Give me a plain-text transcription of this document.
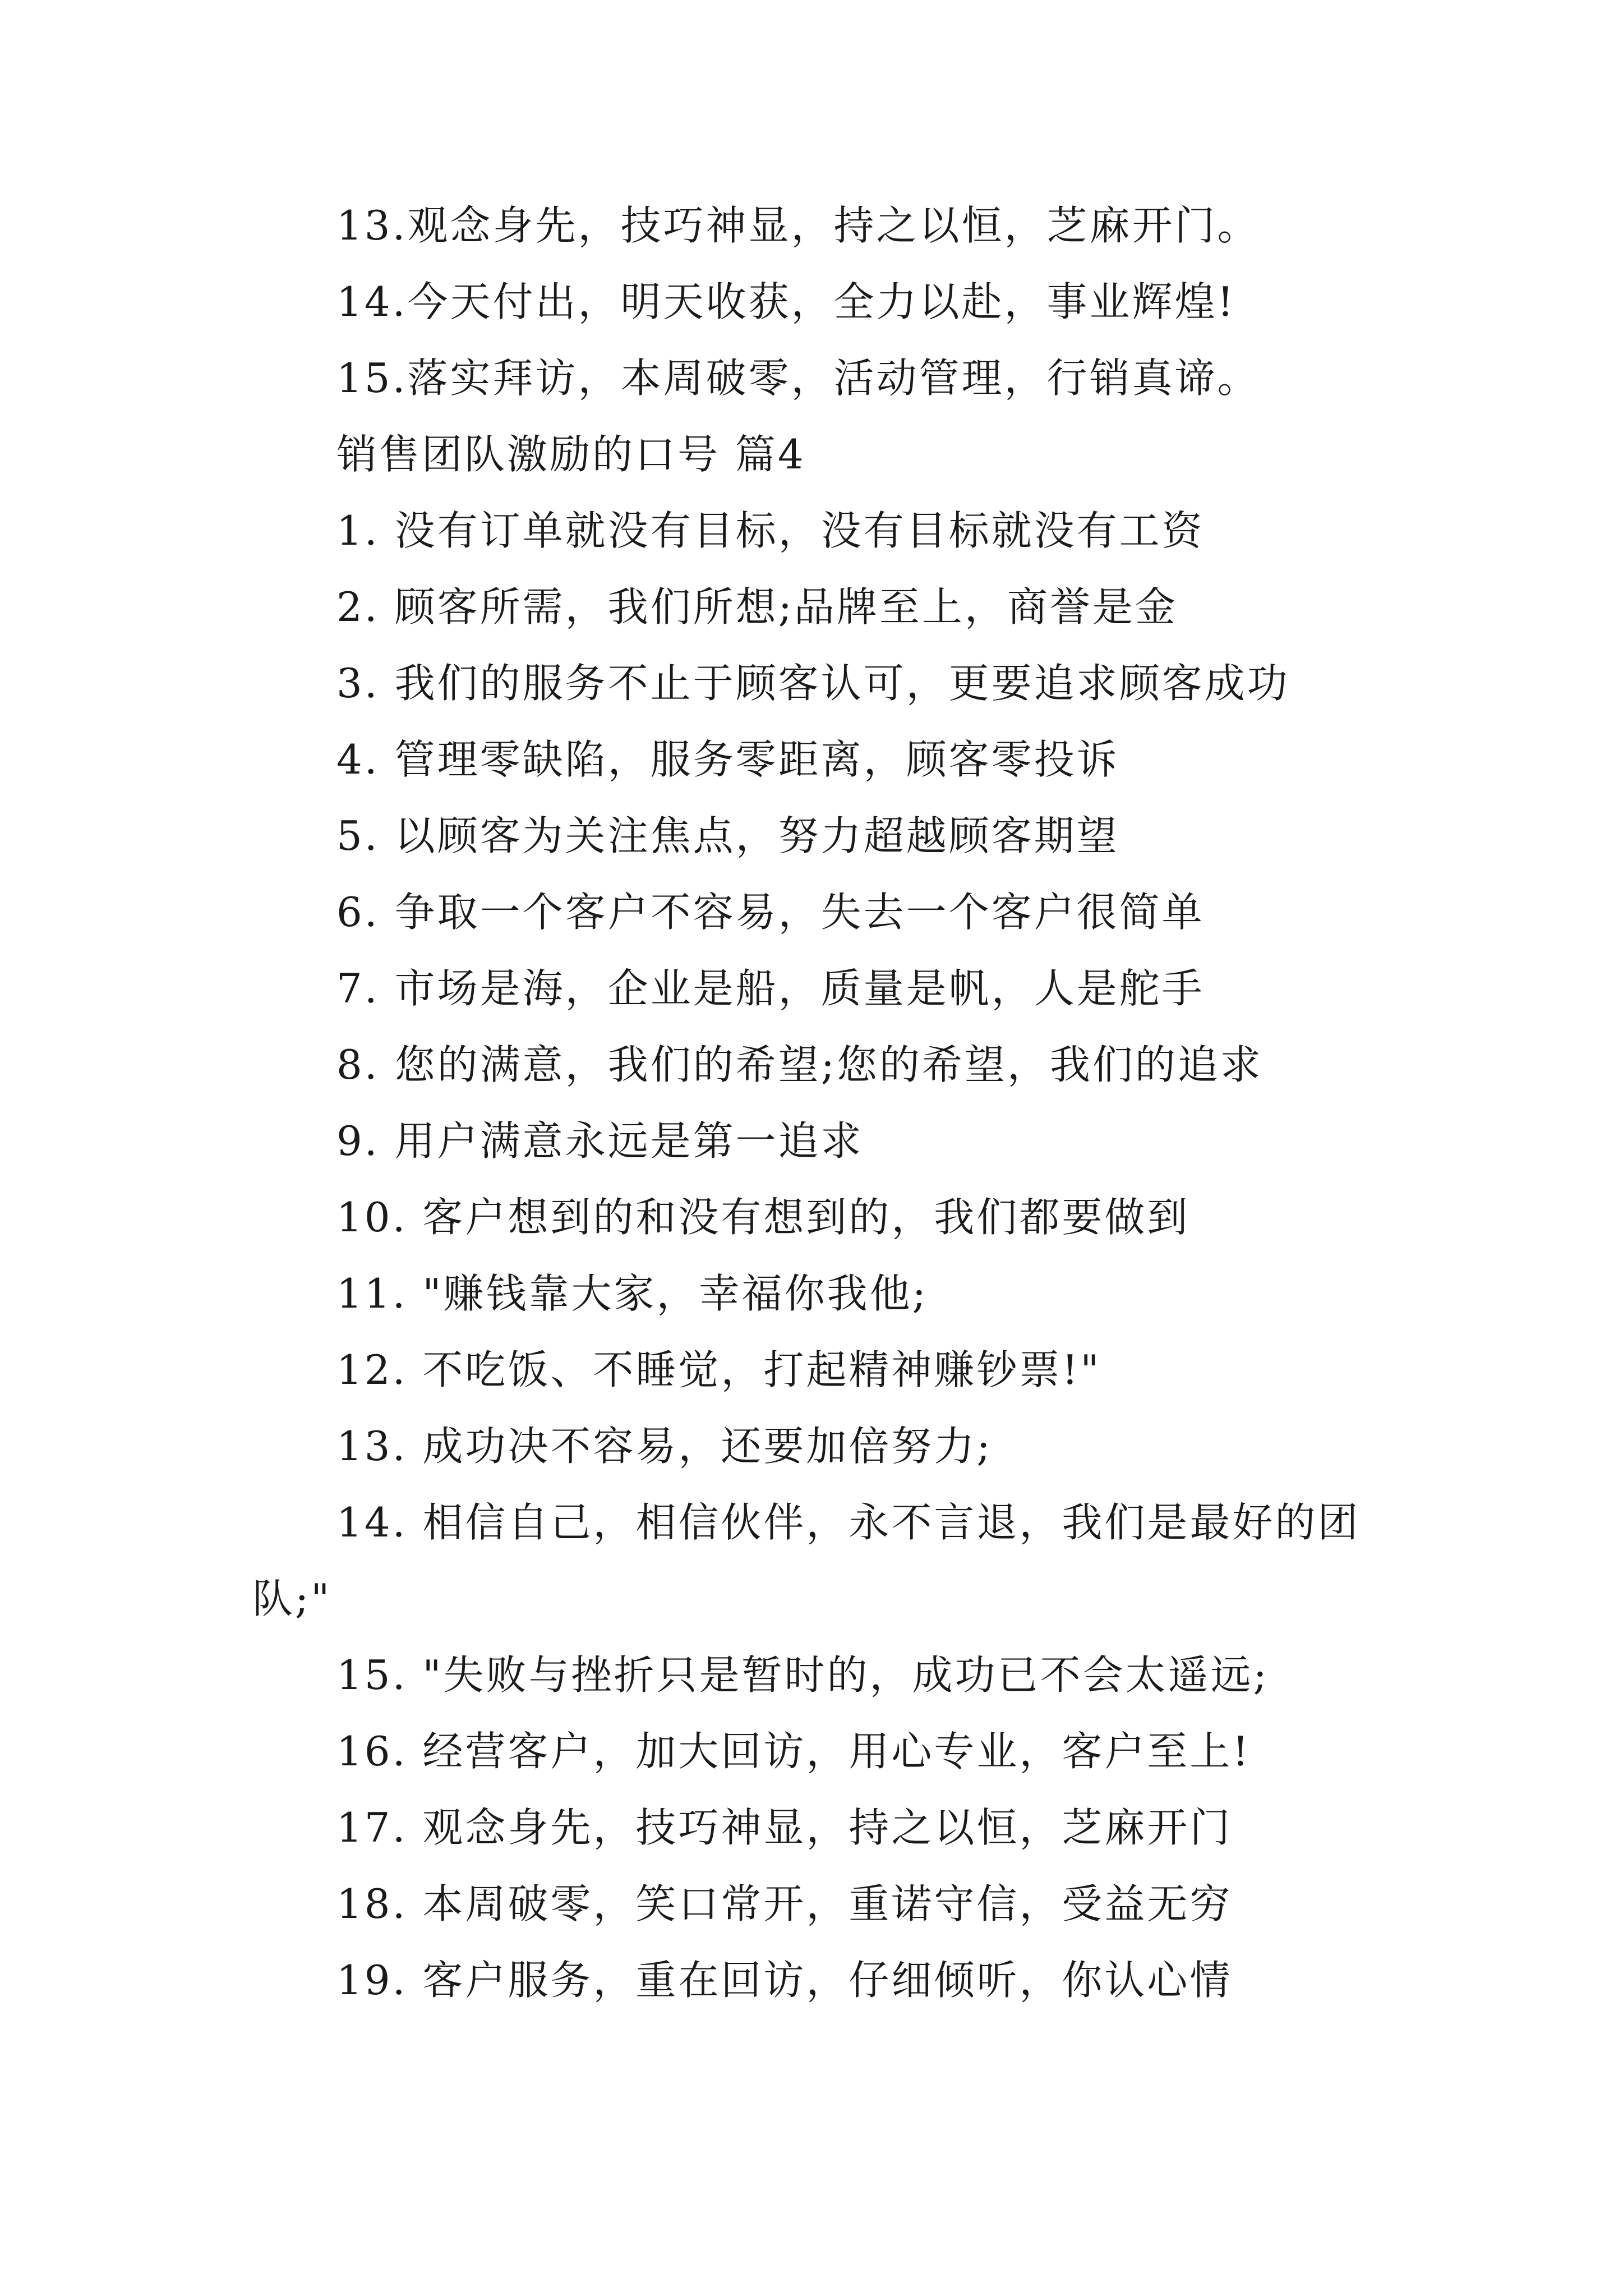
13.观念身先，技巧神显，持之以恒，芝麻开门。
14.今天付出，明天收获，全力以赴，事业辉煌!
15.落实拜访，本周破零，活动管理，行销真谛。
销售团队激励的口号 篇4
1. 没有订单就没有目标，没有目标就没有工资
2. 顾客所需，我们所想;品牌至上，商誉是金
3. 我们的服务不止于顾客认可，更要追求顾客成功
4. 管理零缺陷，服务零距离，顾客零投诉
5. 以顾客为关注焦点，努力超越顾客期望
6. 争取一个客户不容易，失去一个客户很简单
7. 市场是海，企业是船，质量是帆，人是舵手
8. 您的满意，我们的希望;您的希望，我们的追求
9. 用户满意永远是第一追求
10. 客户想到的和没有想到的，我们都要做到
11. "赚钱靠大家，幸福你我他;
12. 不吃饭、不睡觉，打起精神赚钞票!"
13. 成功决不容易，还要加倍努力;
14. 相信自己，相信伙伴，永不言退，我们是最好的团
队;"
15. "失败与挫折只是暂时的，成功已不会太遥远;
16. 经营客户，加大回访，用心专业，客户至上!
17. 观念身先，技巧神显，持之以恒，芝麻开门
18. 本周破零，笑口常开，重诺守信，受益无穷
19. 客户服务，重在回访，仔细倾听，你认心情
